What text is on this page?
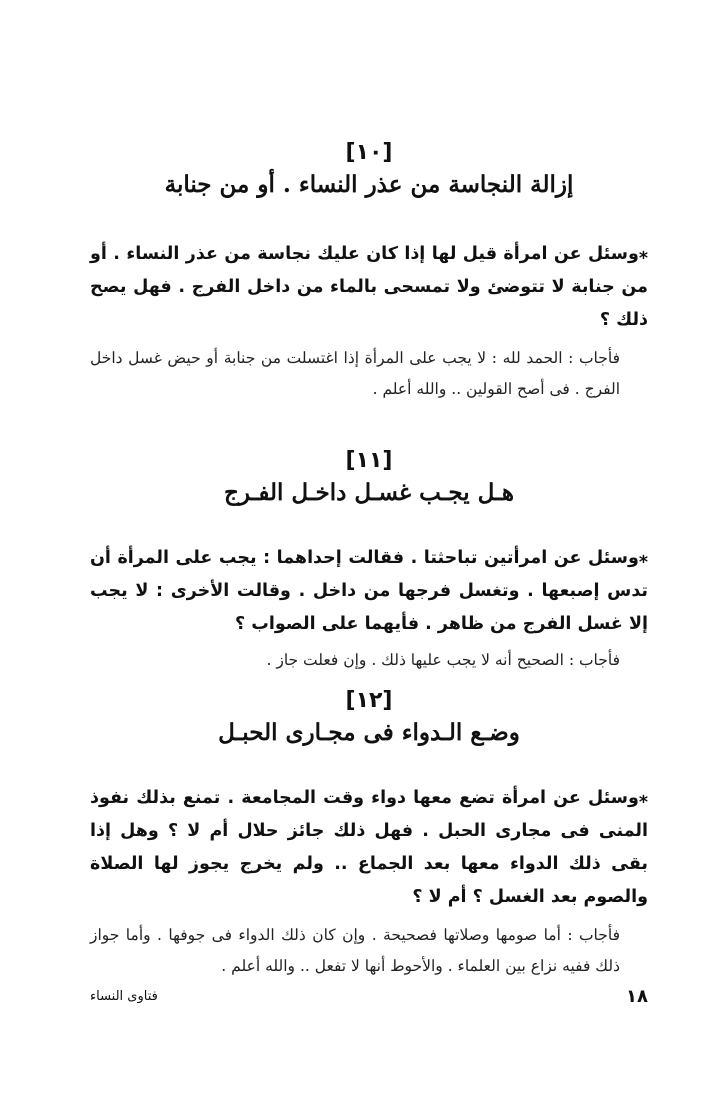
[١٠]
إزالة النجاسة من عذر النساء . أو من جنابة
⁎وسئل عن امرأة قيل لها إذا كان عليك نجاسة من عذر النساء . أو من جنابة لا تتوضئ ولا تمسحى بالماء من داخل الفرج . فهل يصح ذلك ؟
فأجاب : الحمد لله : لا يجب على المرأة إذا اغتسلت من جنابة أو حيض غسل داخل الفرج . فى أصح القولين .. والله أعلم .
[١١]
هـل يجـب غسـل داخـل الفـرج
⁎وسئل عن امرأتين تباحثتا . فقالت إحداهما : يجب على المرأة أن تدس إصبعها . وتغسل فرجها من داخل . وقالت الأخرى : لا يجب إلا غسل الفرج من ظاهر . فأيهما على الصواب ؟
فأجاب : الصحيح أنه لا يجب عليها ذلك . وإن فعلت جاز .
[١٢]
وضـع الـدواء فى مجـارى الحبـل
⁎وسئل عن امرأة تضع معها دواء وقت المجامعة . تمنع بذلك نفوذ المنى فى مجارى الحبل . فهل ذلك جائز حلال أم لا ؟ وهل إذا بقى ذلك الدواء معها بعد الجماع .. ولم يخرج يجوز لها الصلاة والصوم بعد الغسل ؟ أم لا ؟
فأجاب : أما صومها وصلاتها فصحيحة . وإن كان ذلك الدواء فى جوفها . وأما جواز ذلك ففيه نزاع بين العلماء . والأحوط أنها لا تفعل .. والله أعلم .
فتاوى النساء	١٨
